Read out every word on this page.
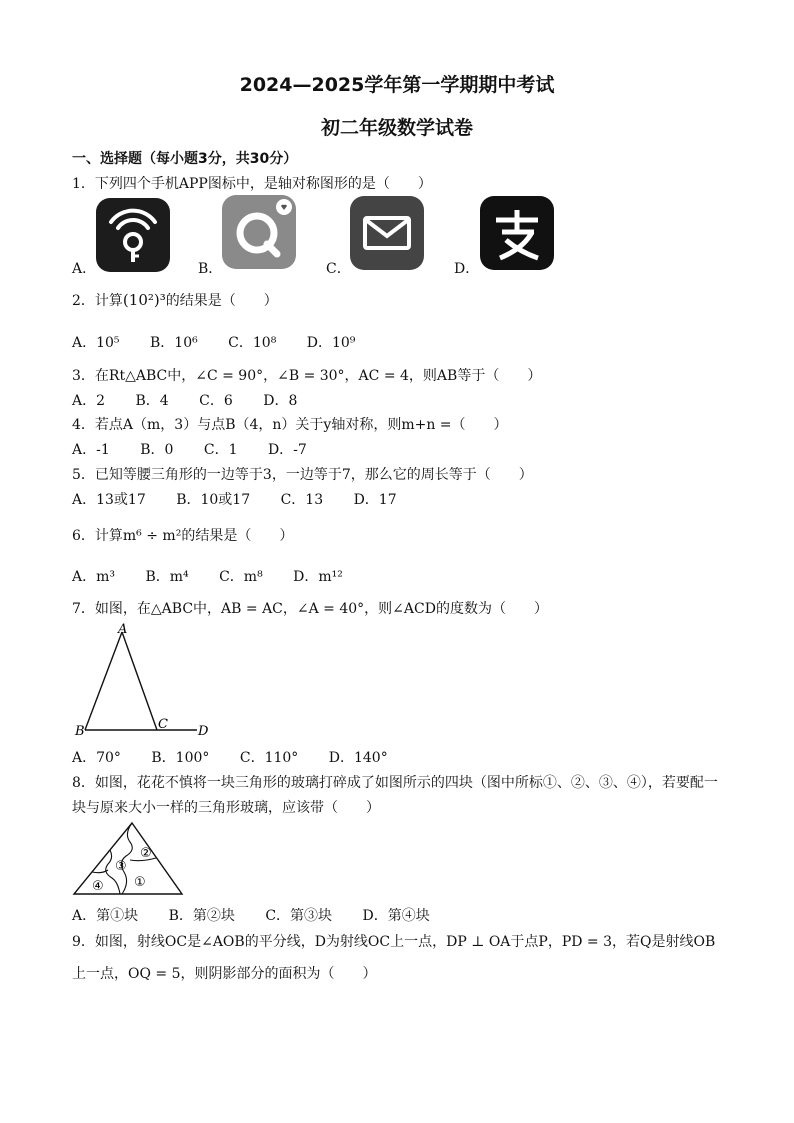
2024—2025学年第一学期期中考试
初二年级数学试卷
一、选择题（每小题3分，共30分）
1．下列四个手机APP图标中，是轴对称图形的是（　　）
A．	B．	C．	D．
2．计算(10²)³的结果是（　　）
A．10⁵ B．10⁶ C．10⁸ D．10⁹
3．在Rt△ABC中，∠C = 90°，∠B = 30°，AC = 4，则AB等于（　　）
A．2 B．4 C．6 D．8
4．若点A（m，3）与点B（4，n）关于y轴对称，则m+n =（　　）
A．-1 B．0 C．1 D．-7
5．已知等腰三角形的一边等于3，一边等于7，那么它的周长等于（　　）
A．13或17 B．10或17 C．13 D．17
6．计算m⁶ ÷ m²的结果是（　　）
A．m³ B．m⁴ C．m⁸ D．m¹²
7．如图，在△ABC中，AB = AC，∠A = 40°，则∠ACD的度数为（　　）
A
B	C D
A．70° B．100° C．110° D．140°
8．如图，花花不慎将一块三角形的玻璃打碎成了如图所示的四块（图中所标①、②、③、④），若要配一
块与原来大小一样的三角形玻璃，应该带（　　）
②
③
①
④
A．第①块 B．第②块 C．第③块 D．第④块
9．如图，射线OC是∠AOB的平分线，D为射线OC上一点，DP ⊥ OA于点P，PD = 3，若Q是射线OB
上一点，OQ = 5，则阴影部分的面积为（　　）
